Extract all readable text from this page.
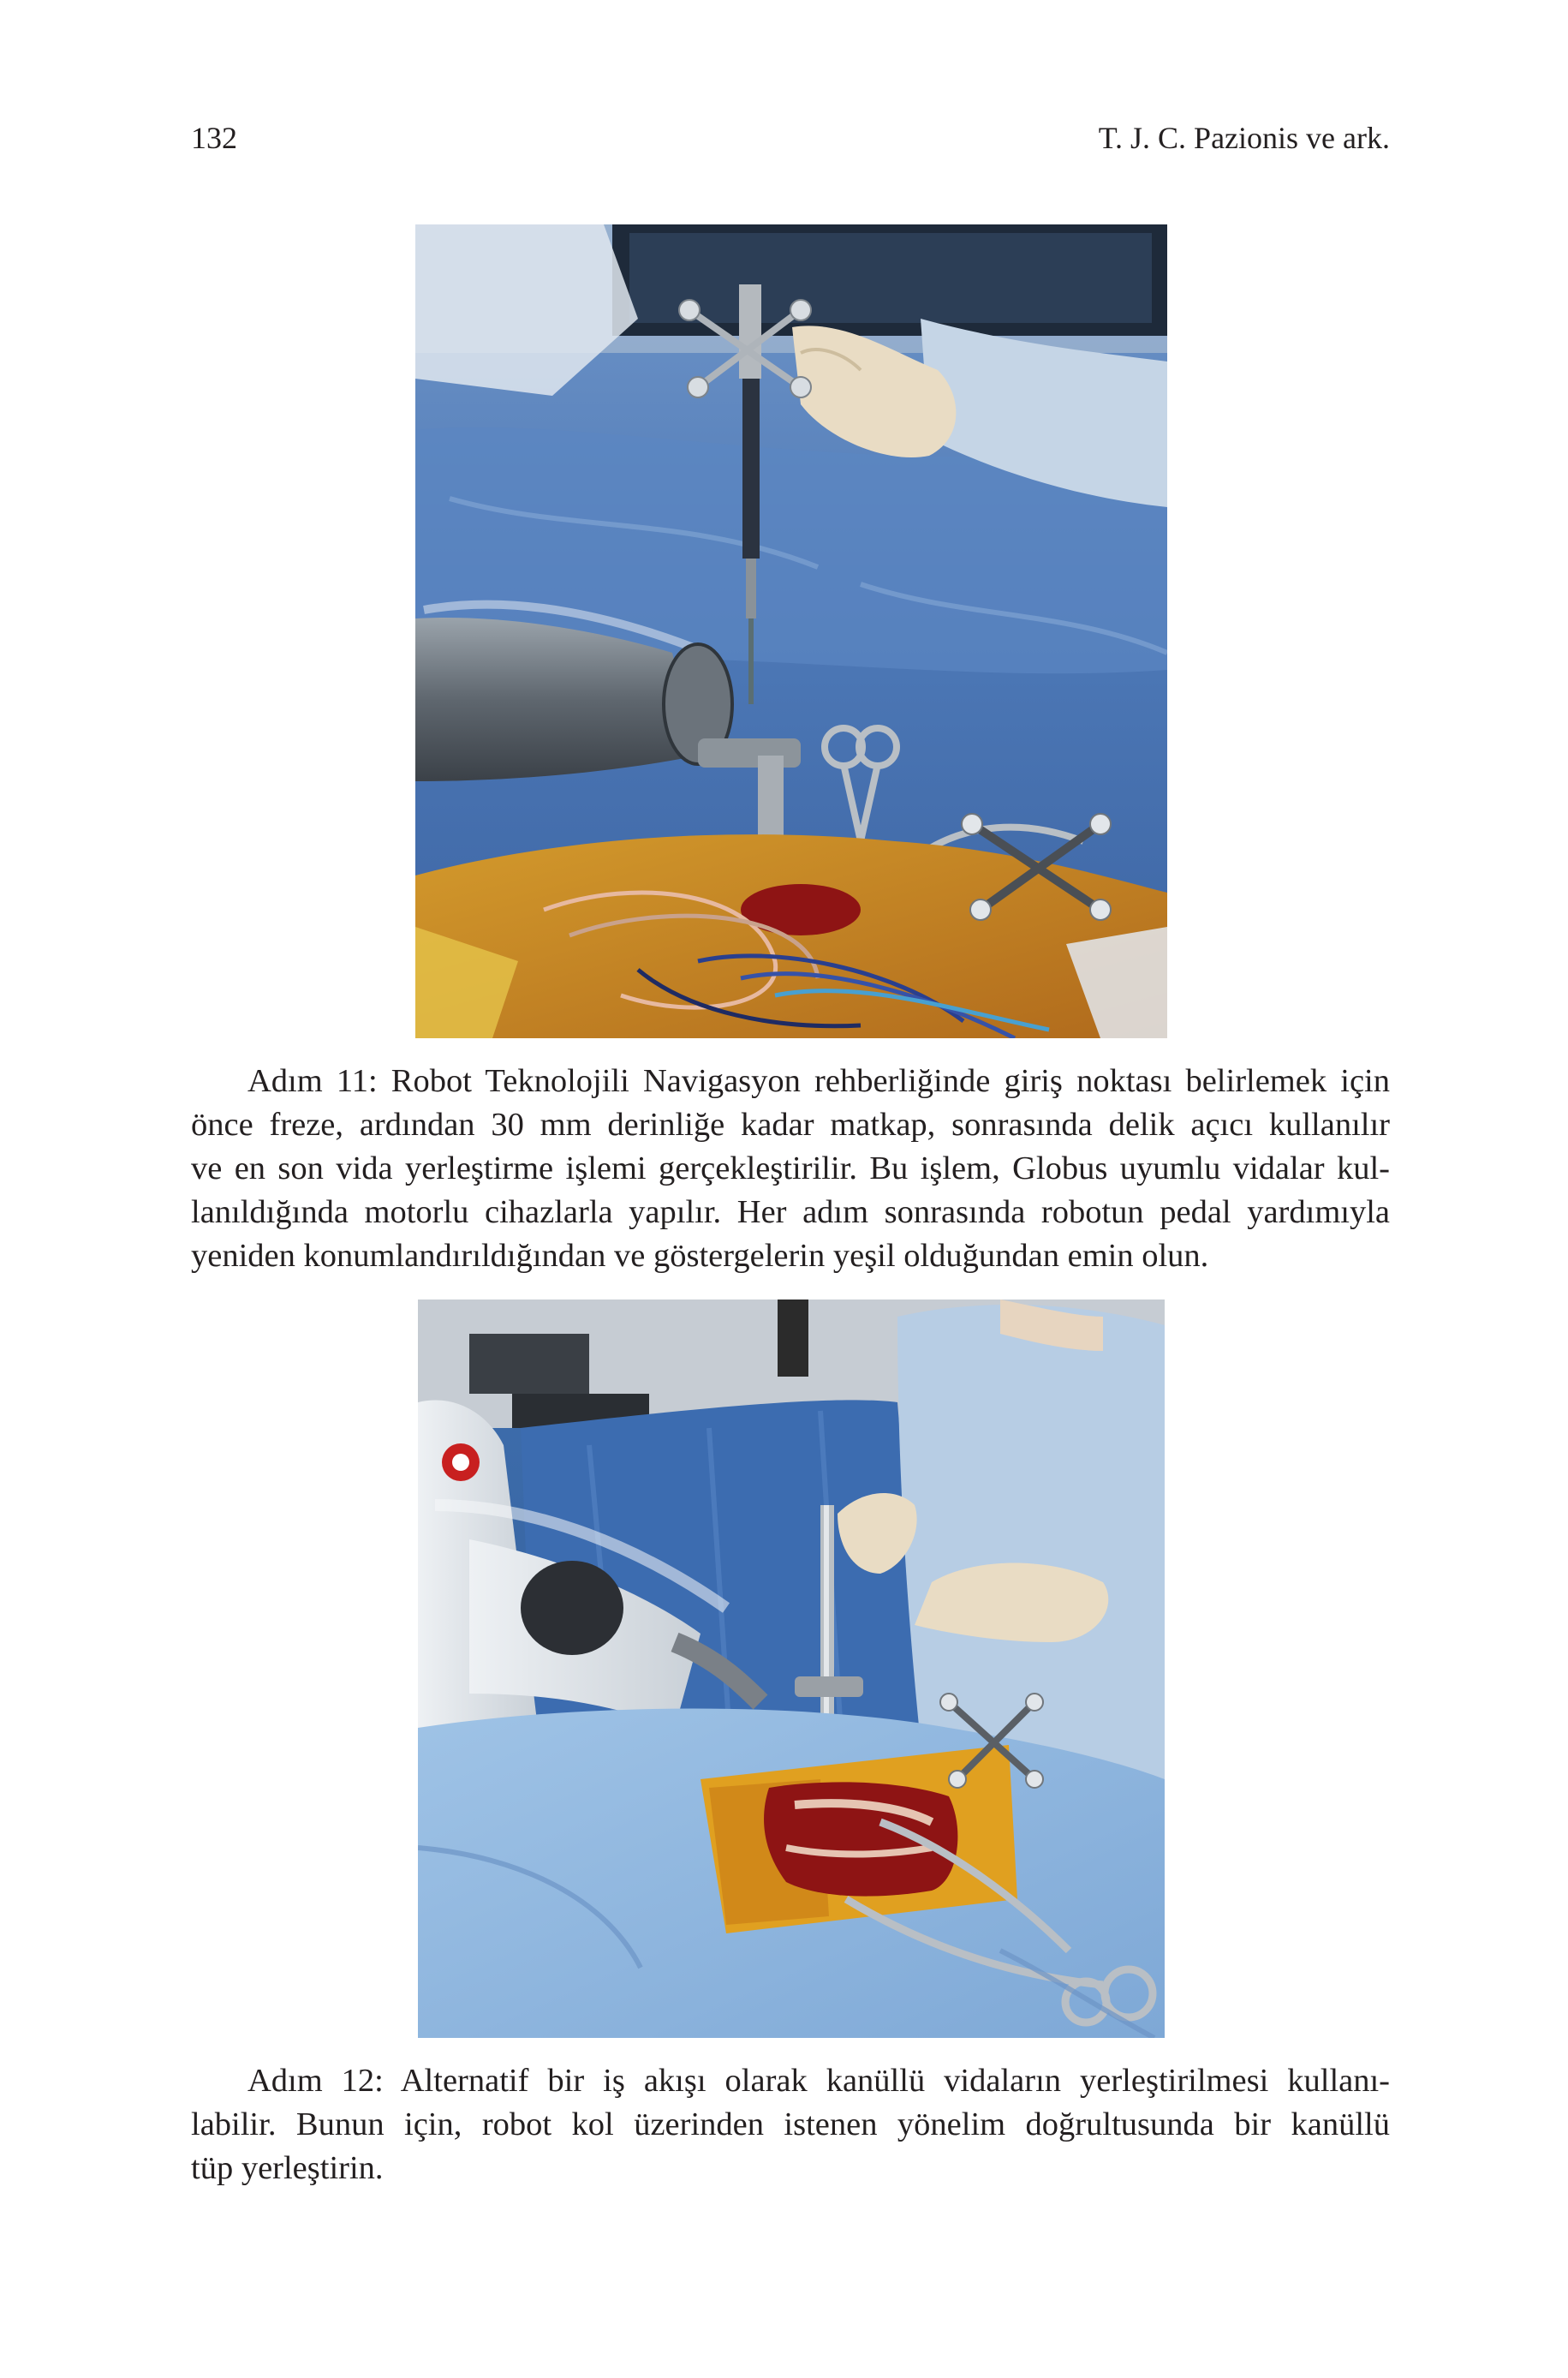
132	T. J. C. Pazionis ve ark.

Adım 11: Robot Teknolojili Navigasyon rehberliğinde giriş noktası belirlemek için
önce freze, ardından 30 mm derinliğe kadar matkap, sonrasında delik açıcı kullanılır
ve en son vida yerleştirme işlemi gerçekleştirilir. Bu işlem, Globus uyumlu vidalar kul-
lanıldığında motorlu cihazlarla yapılır. Her adım sonrasında robotun pedal yardımıyla
yeniden konumlandırıldığından ve göstergelerin yeşil olduğundan emin olun.

Adım 12: Alternatif bir iş akışı olarak kanüllü vidaların yerleştirilmesi kullanı-
labilir. Bunun için, robot kol üzerinden istenen yönelim doğrultusunda bir kanüllü
tüp yerleştirin.
